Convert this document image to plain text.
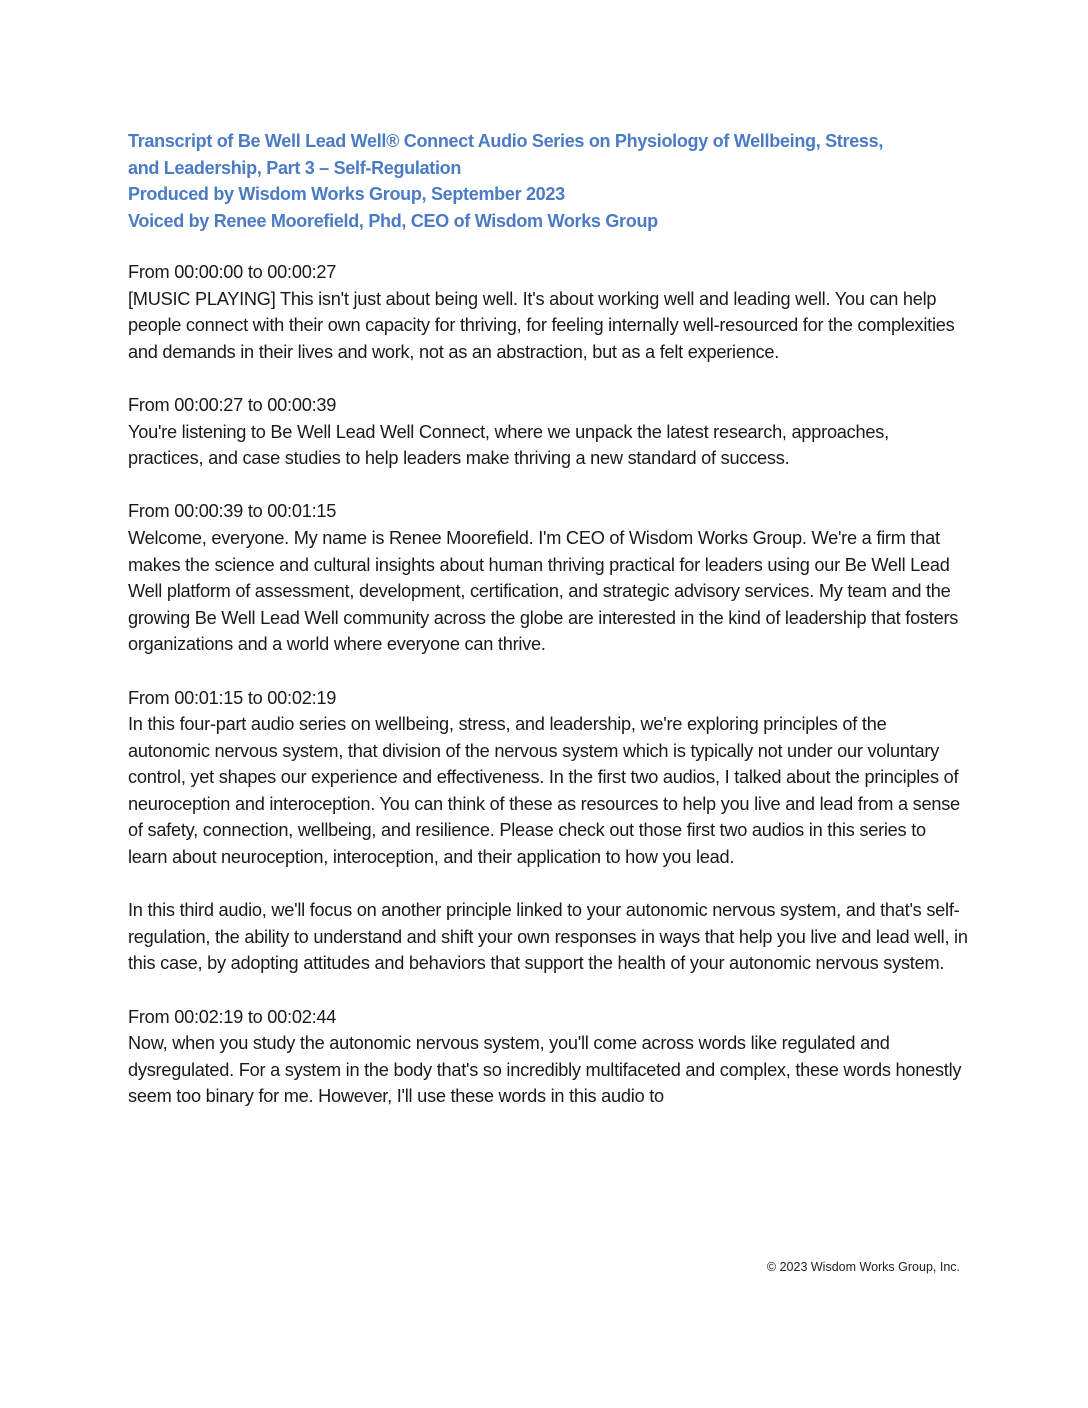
Transcript of Be Well Lead Well® Connect Audio Series on Physiology of Wellbeing, Stress,
and Leadership, Part 3 – Self-Regulation
Produced by Wisdom Works Group, September 2023
Voiced by Renee Moorefield, Phd, CEO of Wisdom Works Group
From 00:00:00 to 00:00:27
[MUSIC PLAYING] This isn't just about being well. It's about working well and leading well. You can help people connect with their own capacity for thriving, for feeling internally well-resourced for the complexities and demands in their lives and work, not as an abstraction, but as a felt experience.
From 00:00:27 to 00:00:39
You're listening to Be Well Lead Well Connect, where we unpack the latest research, approaches, practices, and case studies to help leaders make thriving a new standard of success.
From 00:00:39 to 00:01:15
Welcome, everyone. My name is Renee Moorefield. I'm CEO of Wisdom Works Group. We're a firm that makes the science and cultural insights about human thriving practical for leaders using our Be Well Lead Well platform of assessment, development, certification, and strategic advisory services. My team and the growing Be Well Lead Well community across the globe are interested in the kind of leadership that fosters organizations and a world where everyone can thrive.
From 00:01:15 to 00:02:19
In this four-part audio series on wellbeing, stress, and leadership, we're exploring principles of the autonomic nervous system, that division of the nervous system which is typically not under our voluntary control, yet shapes our experience and effectiveness. In the first two audios, I talked about the principles of neuroception and interoception. You can think of these as resources to help you live and lead from a sense of safety, connection, wellbeing, and resilience. Please check out those first two audios in this series to learn about neuroception, interoception, and their application to how you lead.
In this third audio, we'll focus on another principle linked to your autonomic nervous system, and that's self-regulation, the ability to understand and shift your own responses in ways that help you live and lead well, in this case, by adopting attitudes and behaviors that support the health of your autonomic nervous system.
From 00:02:19 to 00:02:44
Now, when you study the autonomic nervous system, you'll come across words like regulated and dysregulated. For a system in the body that's so incredibly multifaceted and complex, these words honestly seem too binary for me. However, I'll use these words in this audio to
© 2023 Wisdom Works Group, Inc.
